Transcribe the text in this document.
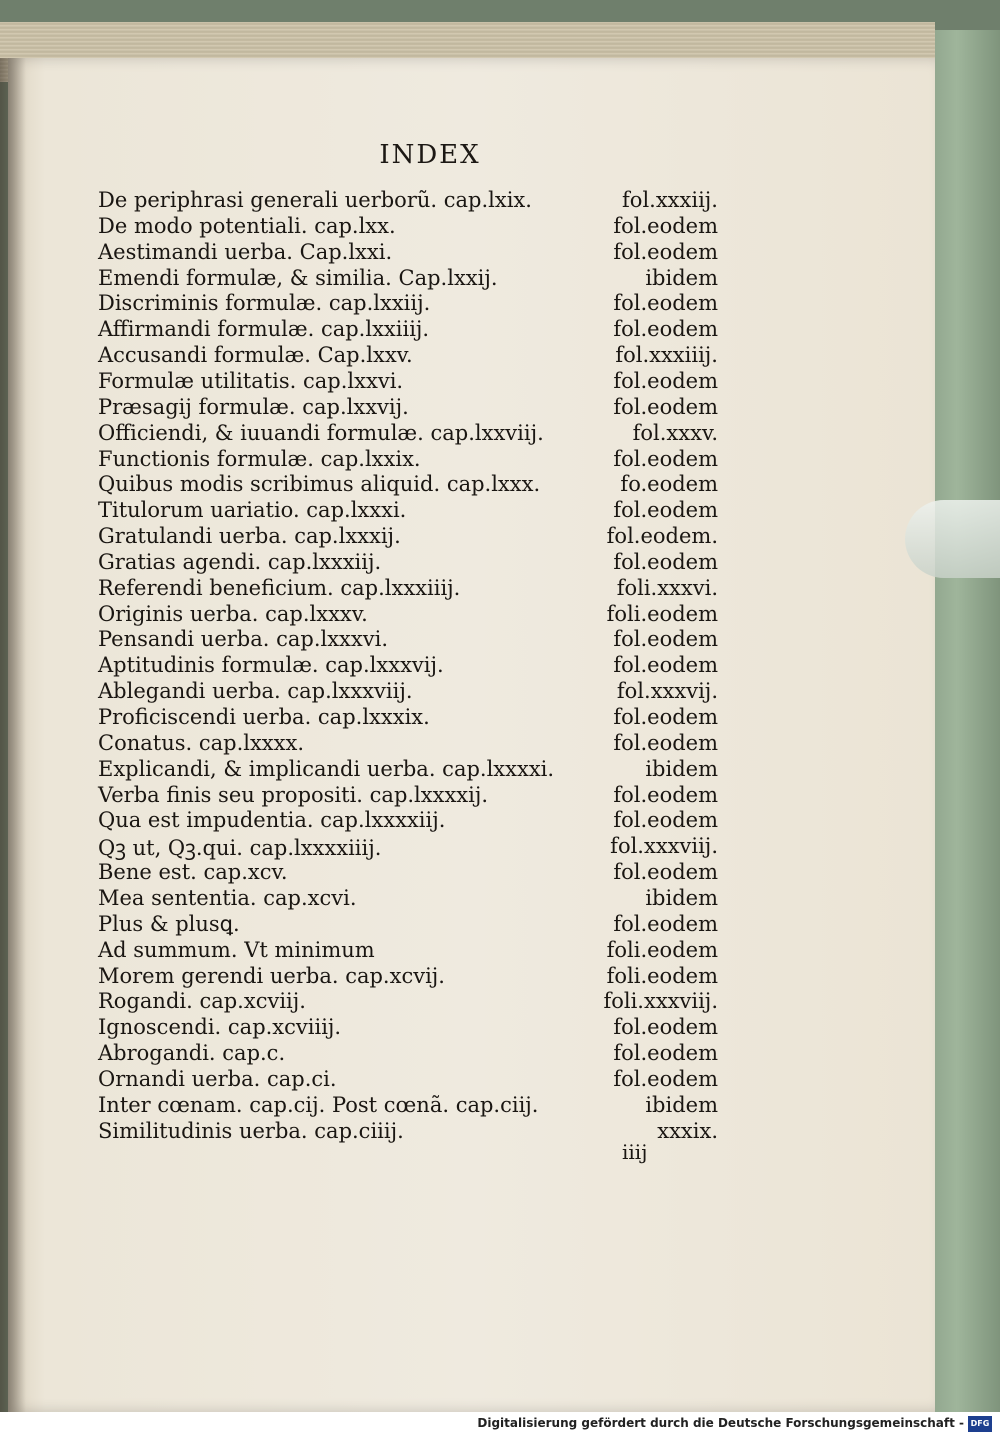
INDEX
De periphrasi generali uerborũ. cap.lxix.	fol.xxxiij.
De modo potentiali. cap.lxx.	fol.eodem
Aestimandi uerba. Cap.lxxi.	fol.eodem
Emendi formulæ, & similia. Cap.lxxij.	ibidem
Discriminis formulæ. cap.lxxiij.	fol.eodem
Affirmandi formulæ. cap.lxxiiij.	fol.eodem
Accusandi formulæ. Cap.lxxv.	fol.xxxiiij.
Formulæ utilitatis. cap.lxxvi.	fol.eodem
Præsagij formulæ. cap.lxxvij.	fol.eodem
Officiendi, & iuuandi formulæ. cap.lxxviij.	fol.xxxv.
Functionis formulæ. cap.lxxix.	fol.eodem
Quibus modis scribimus aliquid. cap.lxxx.	fo.eodem
Titulorum uariatio. cap.lxxxi.	fol.eodem
Gratulandi uerba. cap.lxxxij.	fol.eodem.
Gratias agendi. cap.lxxxiij.	fol.eodem
Referendi beneficium. cap.lxxxiiij.	foli.xxxvi.
Originis uerba. cap.lxxxv.	foli.eodem
Pensandi uerba. cap.lxxxvi.	fol.eodem
Aptitudinis formulæ. cap.lxxxvij.	fol.eodem
Ablegandi uerba. cap.lxxxviij.	fol.xxxvij.
Proficiscendi uerba. cap.lxxxix.	fol.eodem
Conatus. cap.lxxxx.	fol.eodem
Explicandi, & implicandi uerba. cap.lxxxxi.	ibidem
Verba finis seu propositi. cap.lxxxxij.	fol.eodem
Qua est impudentia. cap.lxxxxiij.	fol.eodem
Qꝫ ut, Qꝫ.qui. cap.lxxxxiiij.	fol.xxxviij.
Bene est. cap.xcv.	fol.eodem
Mea sententia. cap.xcvi.	ibidem
Plus & plusꝗ.	fol.eodem
Ad summum. Vt minimum	foli.eodem
Morem gerendi uerba. cap.xcvij.	foli.eodem
Rogandi. cap.xcviij.	foli.xxxviij.
Ignoscendi. cap.xcviiij.	fol.eodem
Abrogandi. cap.c.	fol.eodem
Ornandi uerba. cap.ci.	fol.eodem
Inter cœnam. cap.cij. Post cœnã. cap.ciij.	ibidem
Similitudinis uerba. cap.ciiij.	xxxix.
iiij
Digitalisierung gefördert durch die Deutsche Forschungsgemeinschaft - DFG
